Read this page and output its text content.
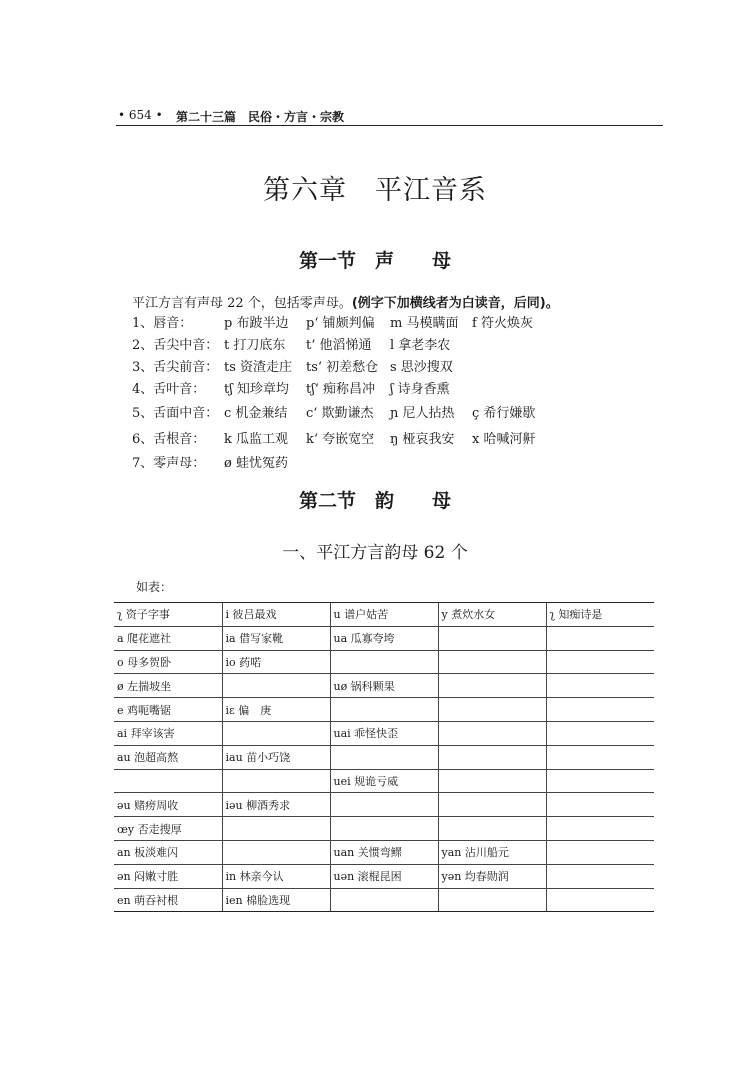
• 654 • 第二十三篇　民俗・方言・宗教
第六章　平江音系
第一节　声　　母
平江方言有声母 22 个，包括零声母。(例字下加横线者为白读音，后同)。
1、唇音： p 布跛半边 p‘ 铺颇判偏 m 马模瞒面 f 符火焕灰
2、舌尖中音： t 打刀底东 t‘ 他滔悌通 l 拿老李农
3、舌尖前音： ts 资渣走庄 ts‘ 初差愁仓 s 思沙搜双
4、舌叶音： tʃ 知珍章均 tʃ‘ 痴称昌冲 ʃ 诗身香熏
5、舌面中音： c 机金兼结 c‘ 欺勤谦杰 ɲ 尼人拈热 ç 希行嫌歇
6、舌根音： k 瓜监工观 k‘ 夸嵌宽空 ŋ 桠哀我安 x 哈喊河鼾
7、零声母： ø 蛙忧冤药
第二节　韵　　母
一、平江方言韵母 62 个
如表：
ʅ 资子字事	i 彼吕最戏	u 谱户姑苦	y 煮炊水女	ʅ 知痴诗是
a 爬花遮社	ia 借写家靴	ua 瓜寡夸垮		
o 母多贺卧	io 药喏			
ø 左揣坡坐		uø 锅科颗果		
e 鸡呃嘴锯	iɛ 偏　庚			
ai 拜宰该害		uai 乖怪快歪		
au 泡超高熬	iau 苗小巧饶			
		uei 规诡亏威		
əu 赌痨周收	iəu 柳酒秀求			
œy 否走搜厚				
an 板淡难闪		uan 关惯弯鳏	yan 沾川船元	
ən 闷嫩寸胜	in 林亲今认	uən 滚棍昆困	yən 均春勋润	
en 萌吞衬根	ien 棉脸选现			
